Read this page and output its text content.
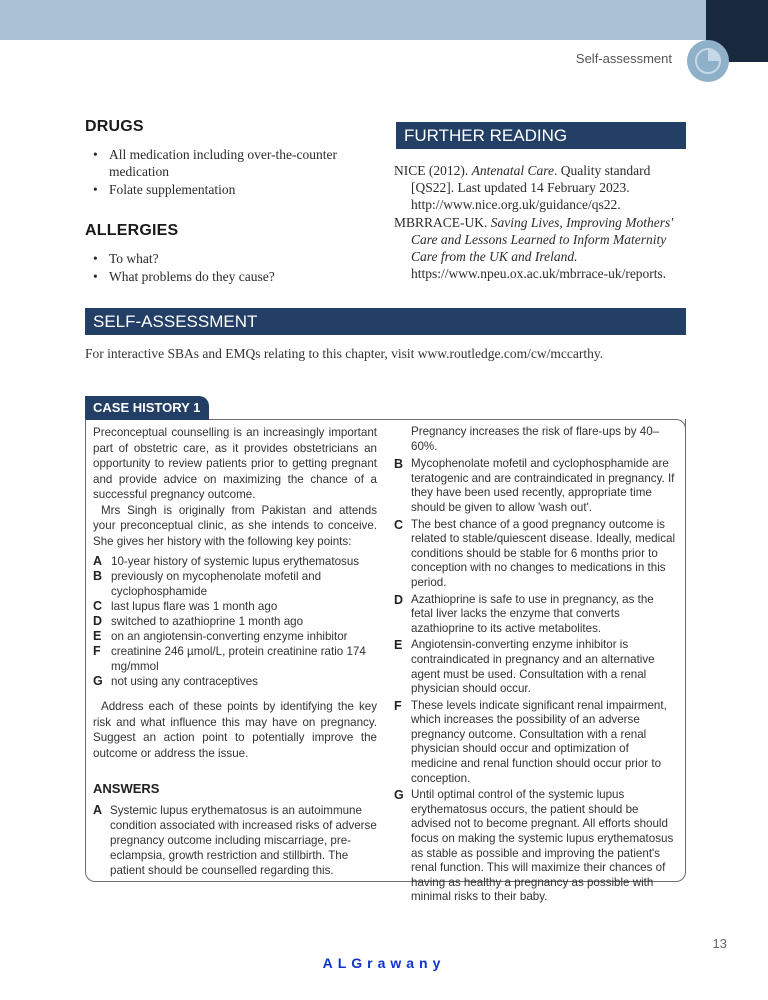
Self-assessment
DRUGS
• All medication including over-the-counter medication
• Folate supplementation
ALLERGIES
• To what?
• What problems do they cause?
FURTHER READING

NICE (2012). Antenatal Care. Quality standard [QS22]. Last updated 14 February 2023. http://www.nice.org.uk/guidance/qs22.

MBRRACE-UK. Saving Lives, Improving Mothers' Care and Lessons Learned to Inform Maternity Care from the UK and Ireland. https://www.npeu.ox.ac.uk/mbrrace-uk/reports.

SELF-ASSESSMENT
For interactive SBAs and EMQs relating to this chapter, visit www.routledge.com/cw/mccarthy.
CASE HISTORY 1

Preconceptual counselling is an increasingly important part of obstetric care, as it provides obstetricians an opportunity to review patients prior to getting pregnant and provide advice on maximizing the chance of a successful pregnancy outcome.

Mrs Singh is originally from Pakistan and attends your preconceptual clinic, as she intends to conceive. She gives her history with the following key points:

A 10-year history of systemic lupus erythematosus
B previously on mycophenolate mofetil and cyclophosphamide
C last lupus flare was 1 month ago
D switched to azathioprine 1 month ago
E on an angiotensin-converting enzyme inhibitor
F creatinine 246 µmol/L, protein creatinine ratio 174 mg/mmol
G not using any contraceptives

Address each of these points by identifying the key risk and what influence this may have on pregnancy. Suggest an action point to potentially improve the outcome or address the issue.

ANSWERS
A Systemic lupus erythematosus is an autoimmune condition associated with increased risks of adverse pregnancy outcome including miscarriage, pre-eclampsia, growth restriction and stillbirth. The patient should be counselled regarding this.

Pregnancy increases the risk of flare-ups by 40–60%.

B Mycophenolate mofetil and cyclophosphamide are teratogenic and are contraindicated in pregnancy. If they have been used recently, appropriate time should be given to allow 'wash out'.
C The best chance of a good pregnancy outcome is related to stable/quiescent disease. Ideally, medical conditions should be stable for 6 months prior to conception with no changes to medications in this period.
D Azathioprine is safe to use in pregnancy, as the fetal liver lacks the enzyme that converts azathioprine to its active metabolites.
E Angiotensin-converting enzyme inhibitor is contraindicated in pregnancy and an alternative agent must be used. Consultation with a renal physician should occur.
F These levels indicate significant renal impairment, which increases the possibility of an adverse pregnancy outcome. Consultation with a renal physician should occur and optimization of medicine and renal function should occur prior to conception.
G Until optimal control of the systemic lupus erythematosus occurs, the patient should be advised not to become pregnant. All efforts should focus on making the systemic lupus erythematosus as stable as possible and improving the patient's renal function. This will maximize their chances of having as healthy a pregnancy as possible with minimal risks to their baby.
13
ALGrawany
